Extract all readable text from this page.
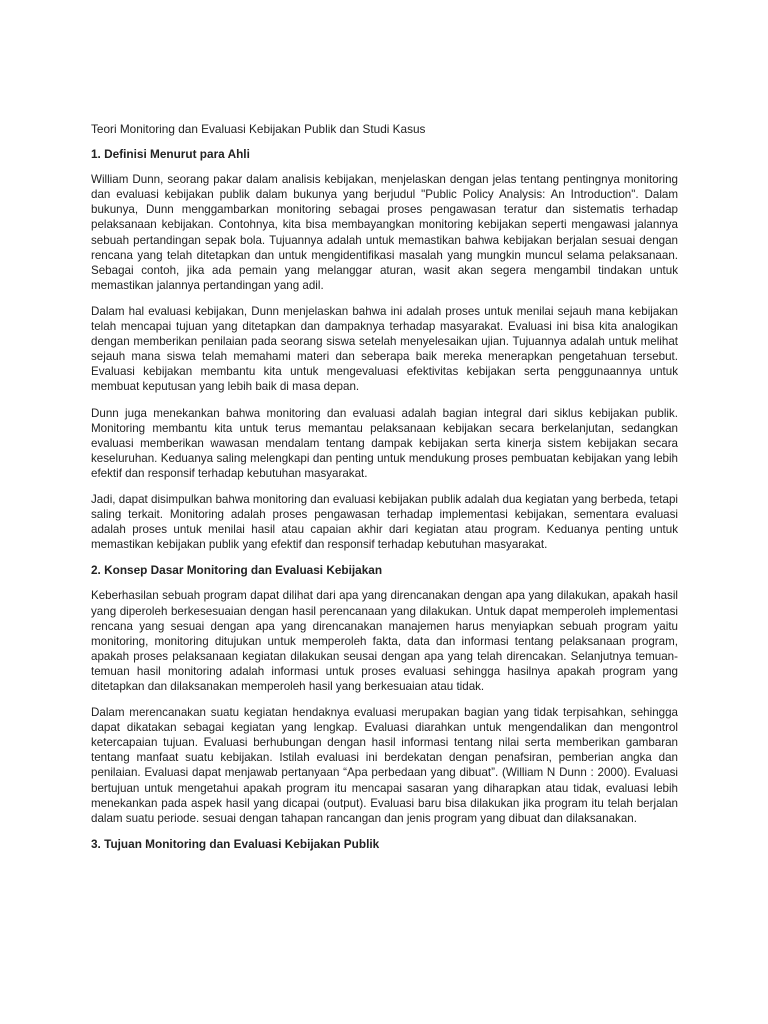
Teori Monitoring dan Evaluasi Kebijakan Publik dan Studi Kasus

1. Definisi Menurut para Ahli

William Dunn, seorang pakar dalam analisis kebijakan, menjelaskan dengan jelas tentang pentingnya monitoring dan evaluasi kebijakan publik dalam bukunya yang berjudul "Public Policy Analysis: An Introduction". Dalam bukunya, Dunn menggambarkan monitoring sebagai proses pengawasan teratur dan sistematis terhadap pelaksanaan kebijakan. Contohnya, kita bisa membayangkan monitoring kebijakan seperti mengawasi jalannya sebuah pertandingan sepak bola. Tujuannya adalah untuk memastikan bahwa kebijakan berjalan sesuai dengan rencana yang telah ditetapkan dan untuk mengidentifikasi masalah yang mungkin muncul selama pelaksanaan. Sebagai contoh, jika ada pemain yang melanggar aturan, wasit akan segera mengambil tindakan untuk memastikan jalannya pertandingan yang adil.

Dalam hal evaluasi kebijakan, Dunn menjelaskan bahwa ini adalah proses untuk menilai sejauh mana kebijakan telah mencapai tujuan yang ditetapkan dan dampaknya terhadap masyarakat. Evaluasi ini bisa kita analogikan dengan memberikan penilaian pada seorang siswa setelah menyelesaikan ujian. Tujuannya adalah untuk melihat sejauh mana siswa telah memahami materi dan seberapa baik mereka menerapkan pengetahuan tersebut. Evaluasi kebijakan membantu kita untuk mengevaluasi efektivitas kebijakan serta penggunaannya untuk membuat keputusan yang lebih baik di masa depan.

Dunn juga menekankan bahwa monitoring dan evaluasi adalah bagian integral dari siklus kebijakan publik. Monitoring membantu kita untuk terus memantau pelaksanaan kebijakan secara berkelanjutan, sedangkan evaluasi memberikan wawasan mendalam tentang dampak kebijakan serta kinerja sistem kebijakan secara keseluruhan. Keduanya saling melengkapi dan penting untuk mendukung proses pembuatan kebijakan yang lebih efektif dan responsif terhadap kebutuhan masyarakat.

Jadi, dapat disimpulkan bahwa monitoring dan evaluasi kebijakan publik adalah dua kegiatan yang berbeda, tetapi saling terkait. Monitoring adalah proses pengawasan terhadap implementasi kebijakan, sementara evaluasi adalah proses untuk menilai hasil atau capaian akhir dari kegiatan atau program. Keduanya penting untuk memastikan kebijakan publik yang efektif dan responsif terhadap kebutuhan masyarakat.

2. Konsep Dasar Monitoring dan Evaluasi Kebijakan

Keberhasilan sebuah program dapat dilihat dari apa yang direncanakan dengan apa yang dilakukan, apakah hasil yang diperoleh berkesesuaian dengan hasil perencanaan yang dilakukan. Untuk dapat memperoleh implementasi rencana yang sesuai dengan apa yang direncanakan manajemen harus menyiapkan sebuah program yaitu monitoring, monitoring ditujukan untuk memperoleh fakta, data dan informasi tentang pelaksanaan program, apakah proses pelaksanaan kegiatan dilakukan seusai dengan apa yang telah direncakan. Selanjutnya temuan-temuan hasil monitoring adalah informasi untuk proses evaluasi sehingga hasilnya apakah program yang ditetapkan dan dilaksanakan memperoleh hasil yang berkesuaian atau tidak.

Dalam merencanakan suatu kegiatan hendaknya evaluasi merupakan bagian yang tidak terpisahkan, sehingga dapat dikatakan sebagai kegiatan yang lengkap. Evaluasi diarahkan untuk mengendalikan dan mengontrol ketercapaian tujuan. Evaluasi berhubungan dengan hasil informasi tentang nilai serta memberikan gambaran tentang manfaat suatu kebijakan. Istilah evaluasi ini berdekatan dengan penafsiran, pemberian angka dan penilaian. Evaluasi dapat menjawab pertanyaan “Apa perbedaan yang dibuat”. (William N Dunn : 2000). Evaluasi bertujuan untuk mengetahui apakah program itu mencapai sasaran yang diharapkan atau tidak, evaluasi lebih menekankan pada aspek hasil yang dicapai (output). Evaluasi baru bisa dilakukan jika program itu telah berjalan dalam suatu periode. sesuai dengan tahapan rancangan dan jenis program yang dibuat dan dilaksanakan.

3. Tujuan Monitoring dan Evaluasi Kebijakan Publik
